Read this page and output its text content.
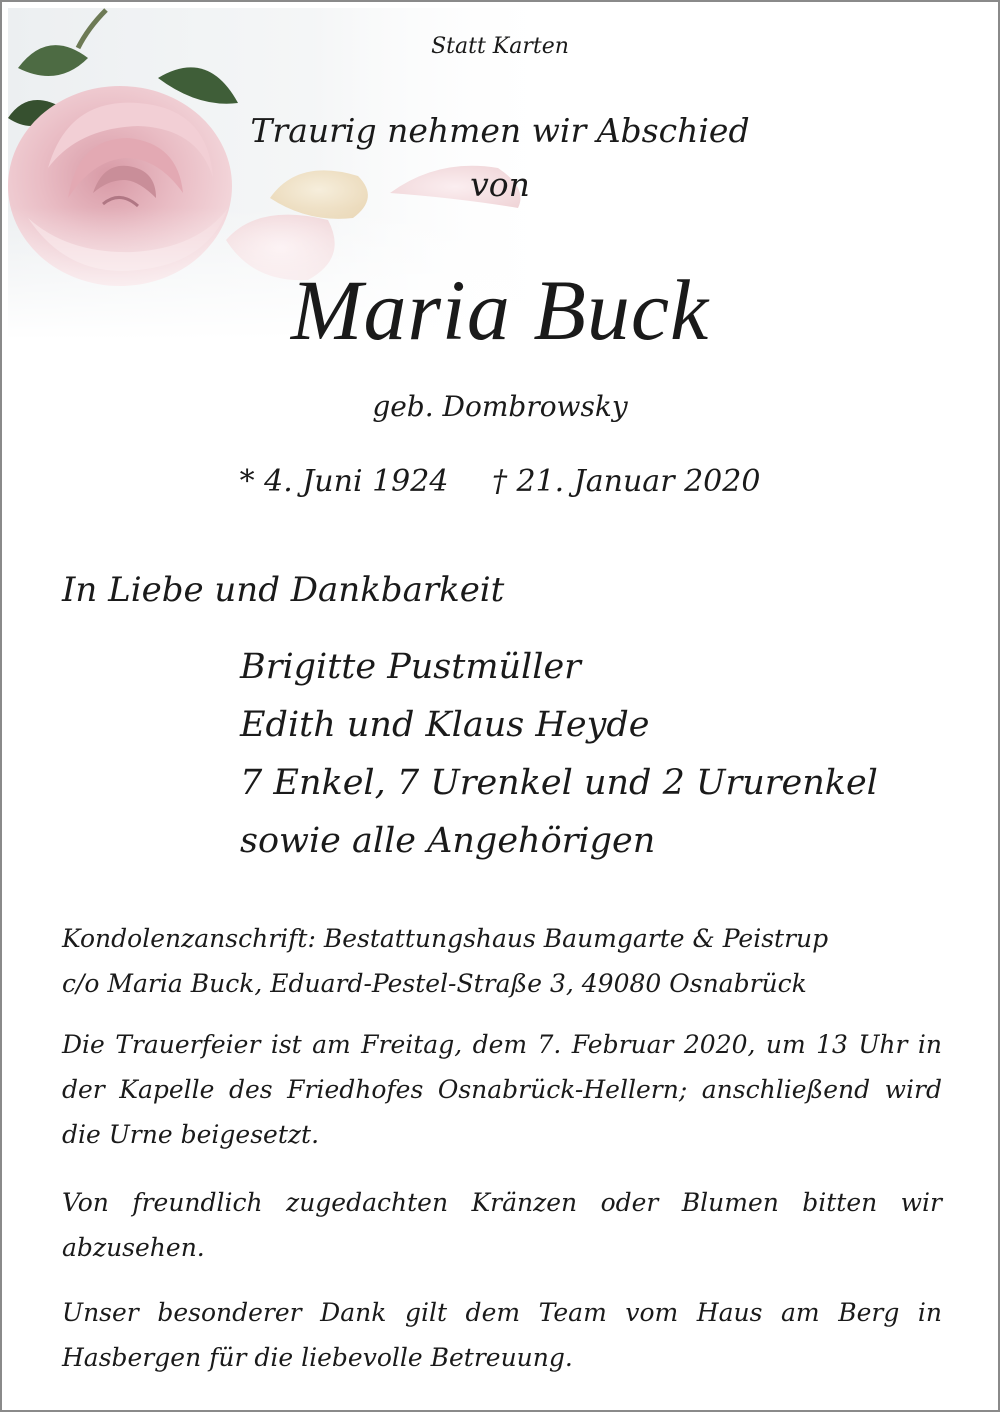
Statt Karten
Traurig nehmen wir Abschied
von
Maria Buck
geb. Dombrowsky
* 4. Juni 1924 † 21. Januar 2020
In Liebe und Dankbarkeit
Brigitte Pustmüller
Edith und Klaus Heyde
7 Enkel, 7 Urenkel und 2 Ururenkel
sowie alle Angehörigen
Kondolenzanschrift: Bestattungshaus Baumgarte & Peistrup
c/o Maria Buck, Eduard-Pestel-Straße 3, 49080 Osnabrück
Die Trauerfeier ist am Freitag, dem 7. Februar 2020, um 13 Uhr in der Kapelle des Friedhofes Osnabrück-Hellern; anschließend wird die Urne beigesetzt.
Von freundlich zugedachten Kränzen oder Blumen bitten wir abzusehen.
Unser besonderer Dank gilt dem Team vom Haus am Berg in Hasbergen für die liebevolle Betreuung.
